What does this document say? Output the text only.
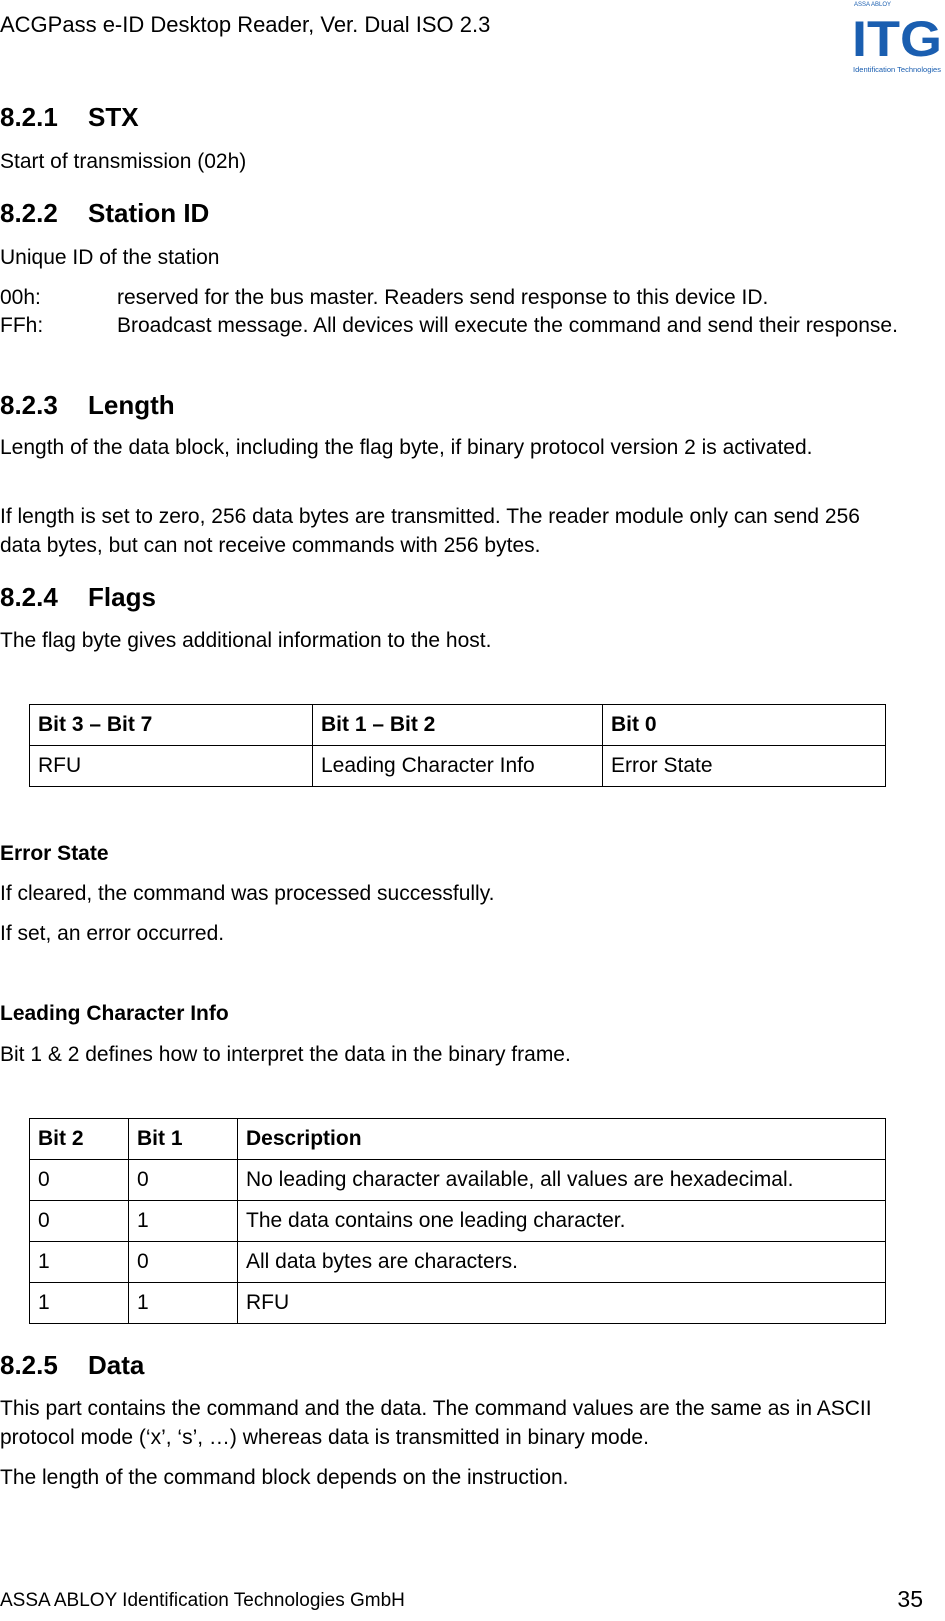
ACGPass e-ID Desktop Reader, Ver. Dual ISO 2.3
ASSA ABLOY
ITG
Identification Technologies
8.2.1 STX
Start of transmission (02h)
8.2.2 Station ID
Unique ID of the station
00h:	reserved for the bus master. Readers send response to this device ID.
FFh:	Broadcast message. All devices will execute the command and send their response.
8.2.3 Length
Length of the data block, including the flag byte, if binary protocol version 2 is activated.
If length is set to zero, 256 data bytes are transmitted. The reader module only can send 256 data bytes, but can not receive commands with 256 bytes.
8.2.4 Flags
The flag byte gives additional information to the host.
Bit 3 – Bit 7	Bit 1 – Bit 2	Bit 0
RFU	Leading Character Info	Error State
Error State
If cleared, the command was processed successfully.
If set, an error occurred.
Leading Character Info
Bit 1 & 2 defines how to interpret the data in the binary frame.
Bit 2	Bit 1	Description
0	0	No leading character available, all values are hexadecimal.
0	1	The data contains one leading character.
1	0	All data bytes are characters.
1	1	RFU
8.2.5 Data
This part contains the command and the data. The command values are the same as in ASCII protocol mode (‘x’, ‘s’, …) whereas data is transmitted in binary mode.
The length of the command block depends on the instruction.
ASSA ABLOY Identification Technologies GmbH	35
